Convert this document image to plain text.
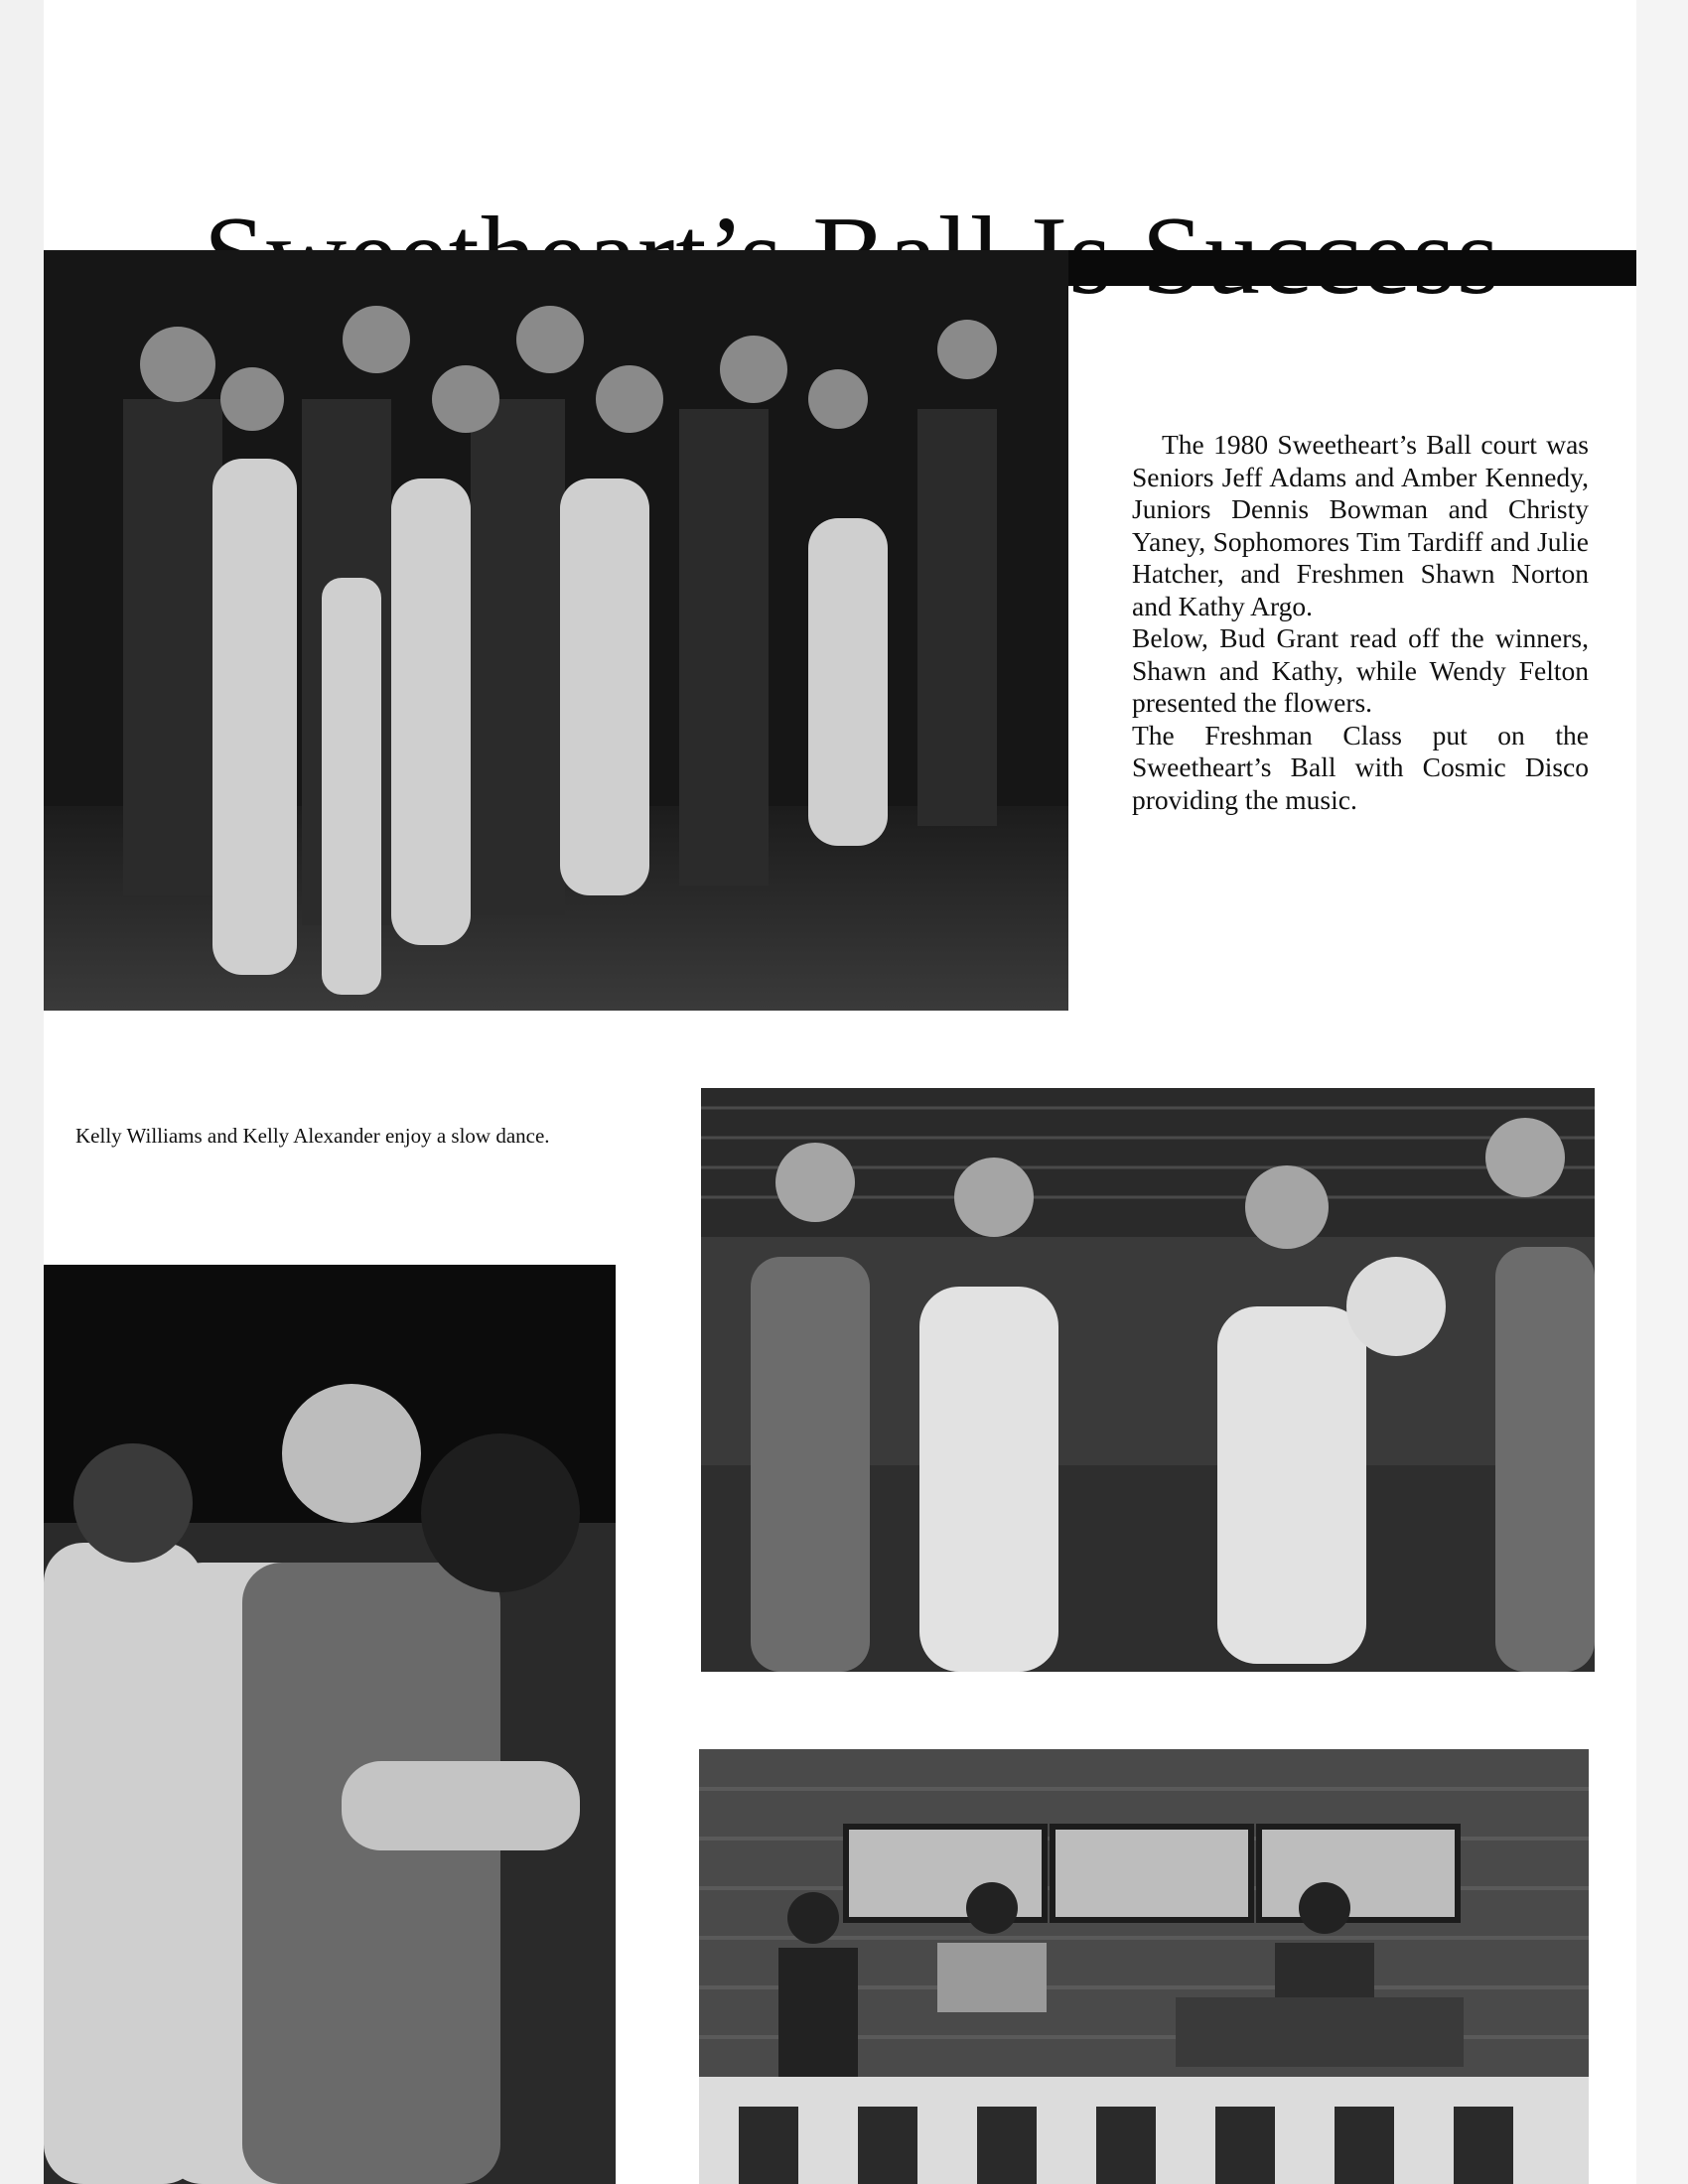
The 1980 Sweetheart’s Ball court was Seniors Jeff Adams and Amber Kennedy, Juniors Dennis Bowman and Christy Yaney, Sophomores Tim Tardiff and Julie Hatcher, and Freshmen Shawn Norton and Kathy Argo.

Below, Bud Grant read off the winners, Shawn and Kathy, while Wendy Felton presented the flowers.

The Freshman Class put on the Sweetheart’s Ball with Cosmic Disco providing the music.

Kelly Williams and Kelly Alexander enjoy a slow dance.
